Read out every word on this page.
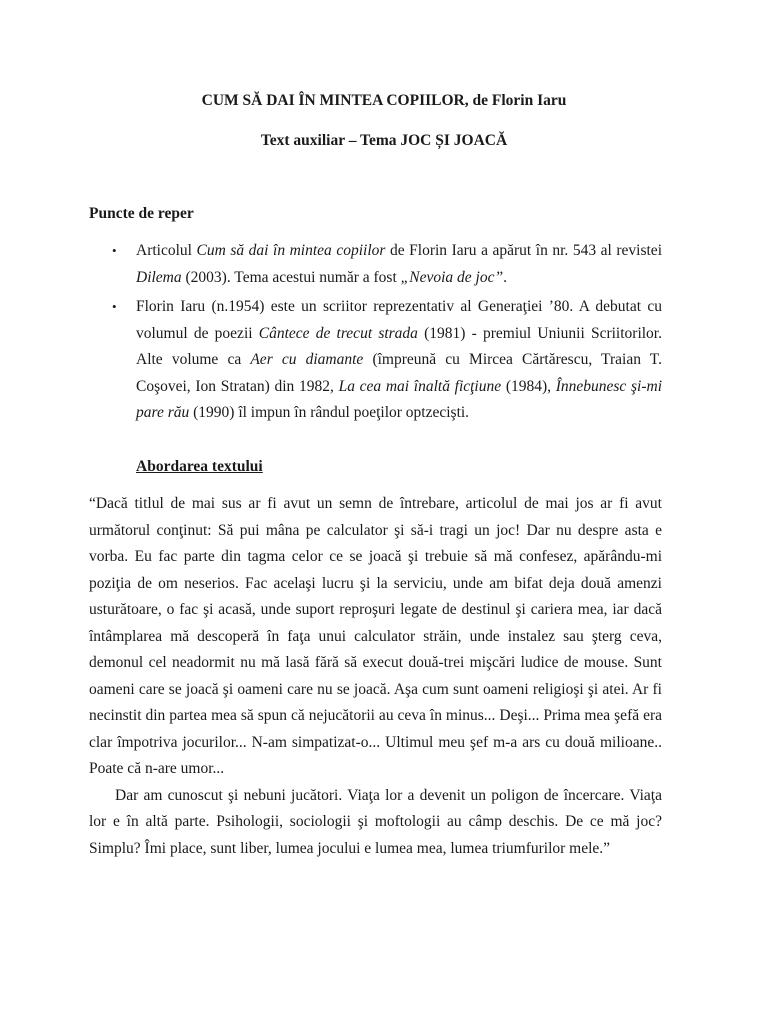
CUM SĂ DAI ÎN MINTEA COPIILOR, de Florin Iaru
Text auxiliar – Tema JOC ȘI JOACĂ
Puncte de reper
• Articolul Cum să dai în mintea copiilor de Florin Iaru a apărut în nr. 543 al revistei Dilema (2003). Tema acestui număr a fost „Nevoia de joc”.
• Florin Iaru (n.1954) este un scriitor reprezentativ al Generaţiei ’80. A debutat cu volumul de poezii Cântece de trecut strada (1981) - premiul Uniunii Scriitorilor. Alte volume ca Aer cu diamante (împreună cu Mircea Cărtărescu, Traian T. Coşovei, Ion Stratan) din 1982, La cea mai înaltă ficţiune (1984), Înnebunesc şi-mi pare rău (1990) îl impun în rândul poeţilor optzecişti.
Abordarea textului

“Dacă titlul de mai sus ar fi avut un semn de întrebare, articolul de mai jos ar fi avut următorul conţinut: Să pui mâna pe calculator şi să-i tragi un joc! Dar nu despre asta e vorba. Eu fac parte din tagma celor ce se joacă şi trebuie să mă confesez, apărându-mi poziţia de om neserios. Fac acelaşi lucru şi la serviciu, unde am bifat deja două amenzi usturătoare, o fac şi acasă, unde suport reproşuri legate de destinul şi cariera mea, iar dacă întâmplarea mă descoperă în faţa unui calculator străin, unde instalez sau şterg ceva, demonul cel neadormit nu mă lasă fără să execut două-trei mişcări ludice de mouse. Sunt oameni care se joacă şi oameni care nu se joacă. Aşa cum sunt oameni religioşi şi atei. Ar fi necinstit din partea mea să spun că nejucătorii au ceva în minus... Deşi... Prima mea şefă era clar împotriva jocurilor... N-am simpatizat-o... Ultimul meu şef m-a ars cu două milioane.. Poate că n-are umor...

Dar am cunoscut şi nebuni jucători. Viaţa lor a devenit un poligon de încercare. Viaţa lor e în altă parte. Psihologii, sociologii şi moftologii au câmp deschis. De ce mă joc? Simplu? Îmi place, sunt liber, lumea jocului e lumea mea, lumea triumfurilor mele.”
